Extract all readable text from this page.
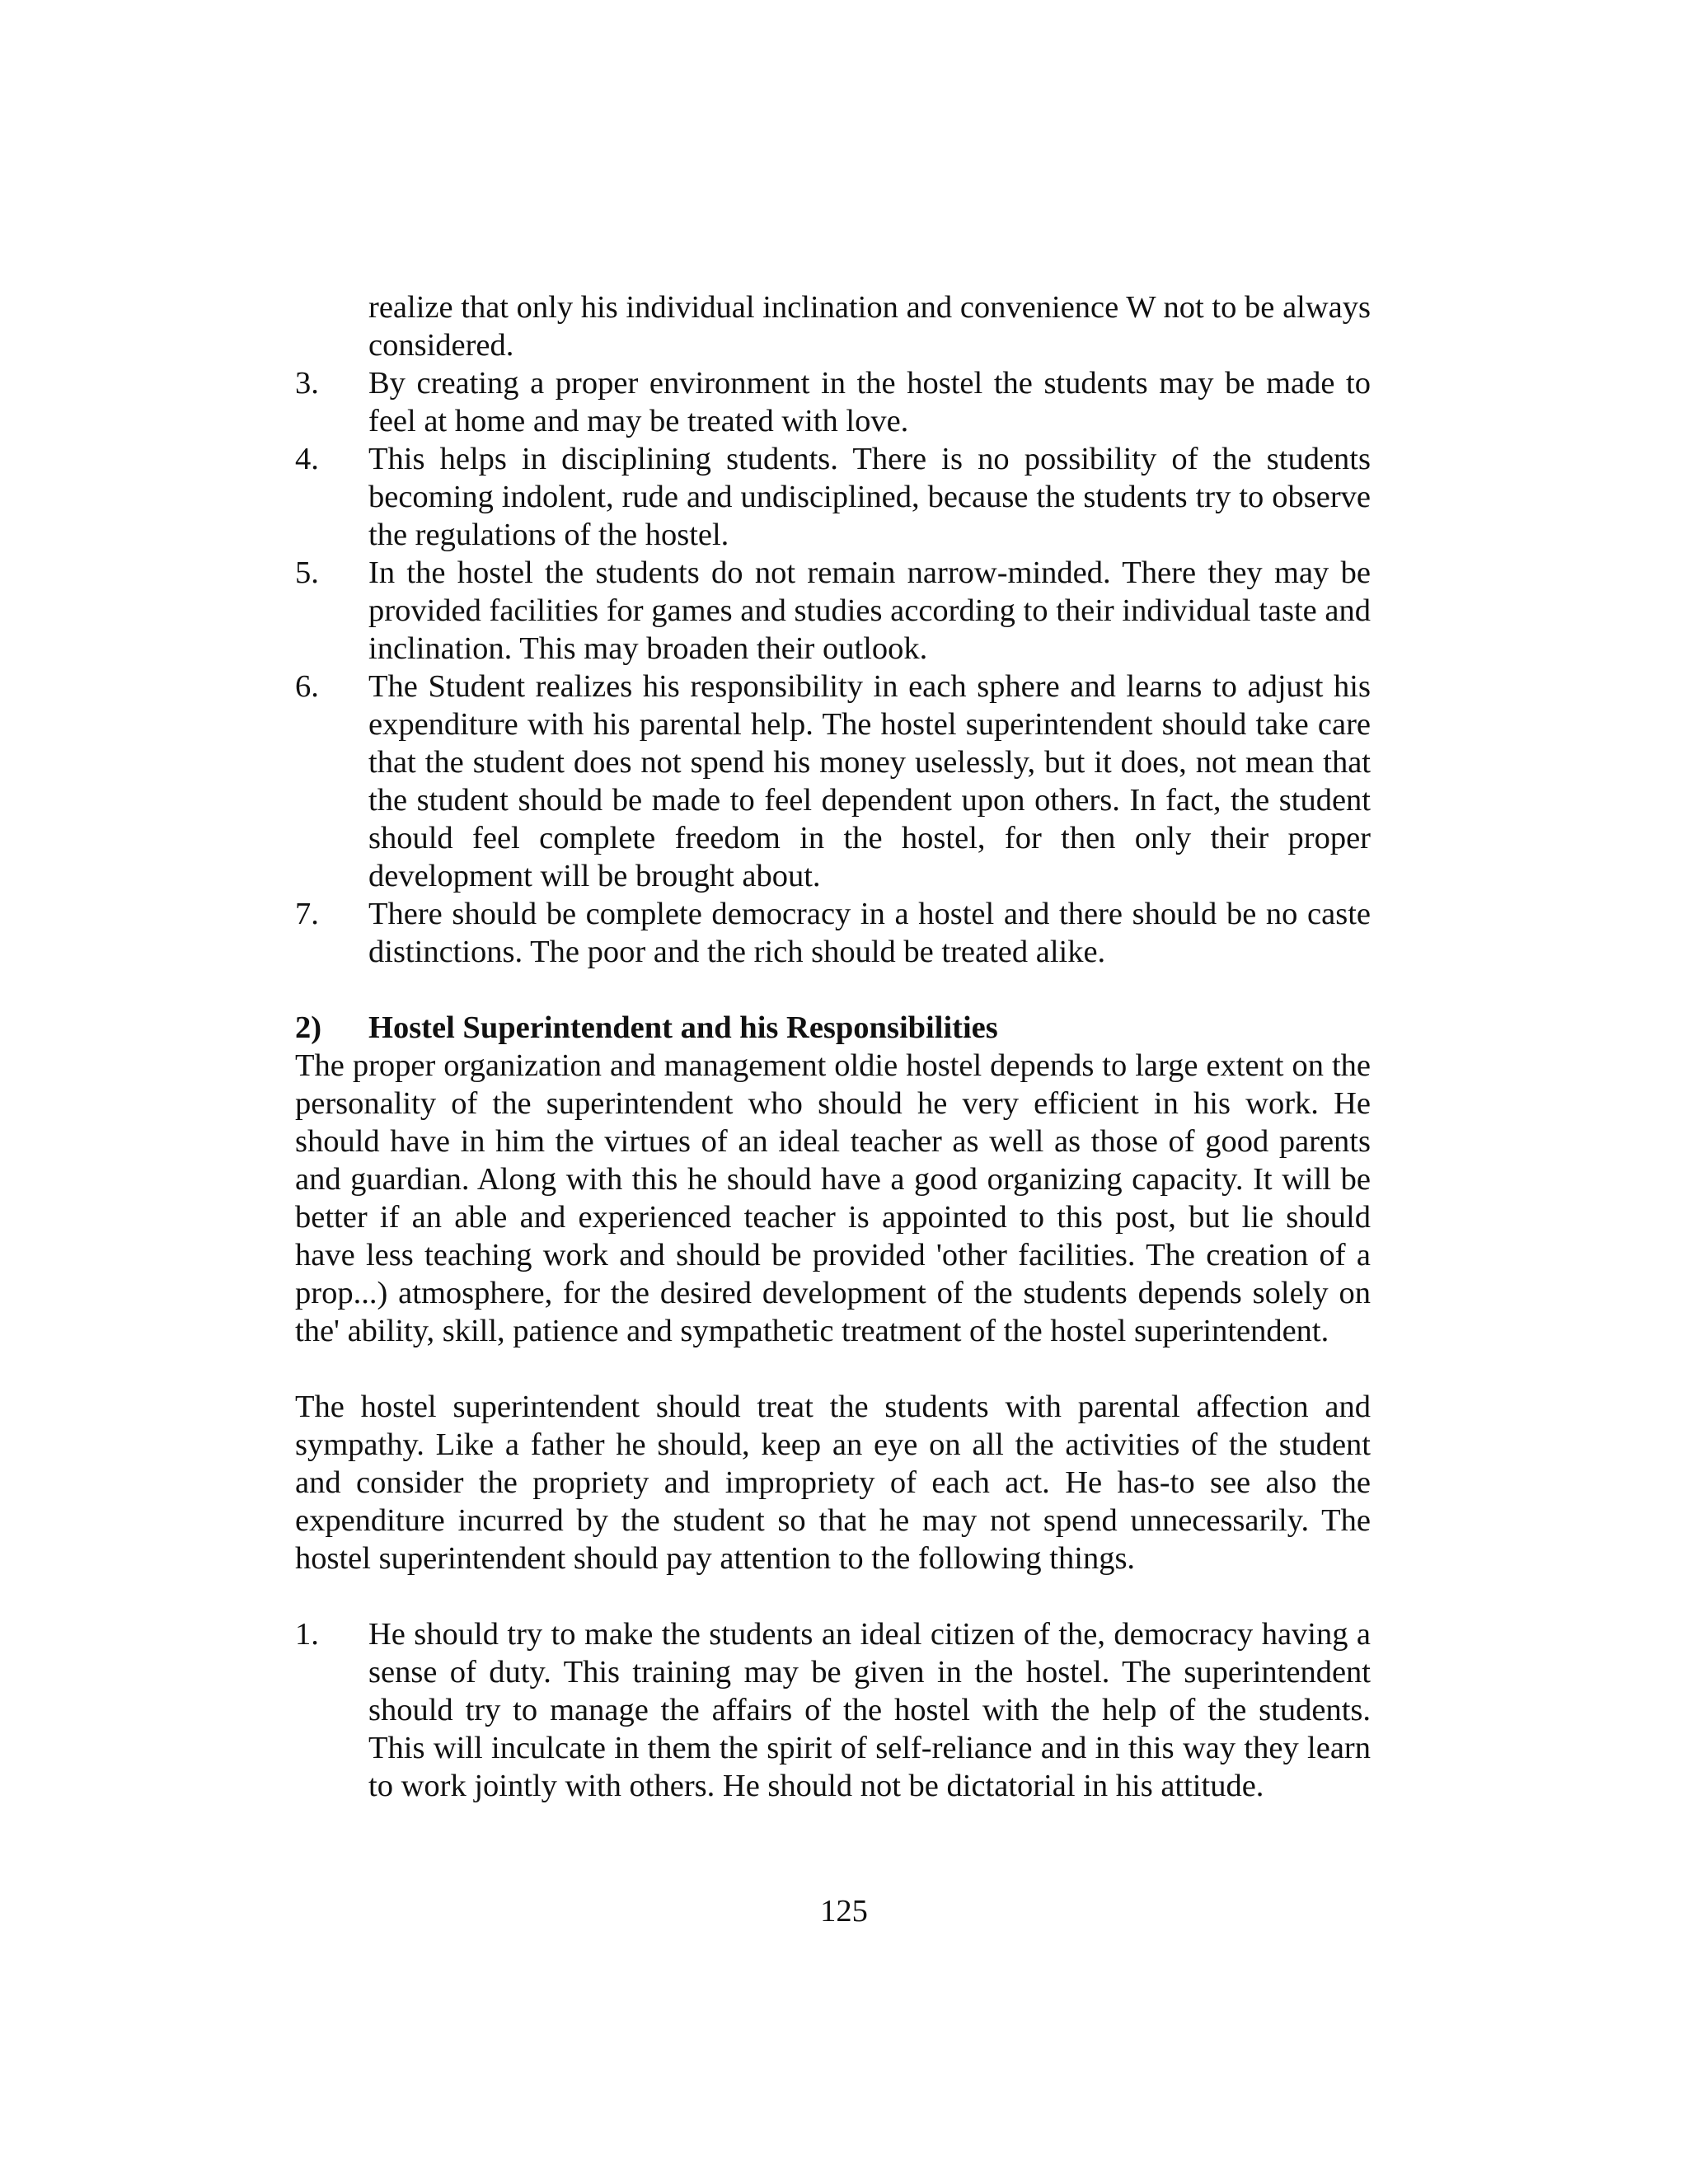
realize that only his individual inclination and convenience W not to be always considered.
3. By creating a proper environment in the hostel the students may be made to feel at home and may be treated with love.
4. This helps in disciplining students. There is no possibility of the students becoming indolent, rude and undisciplined, because the students try to observe the regulations of the hostel.
5. In the hostel the students do not remain narrow-minded. There they may be provided facilities for games and studies according to their individual taste and inclination. This may broaden their outlook.
6. The Student realizes his responsibility in each sphere and learns to adjust his expenditure with his parental help. The hostel superintendent should take care that the student does not spend his money uselessly, but it does, not mean that the student should be made to feel dependent upon others. In fact, the student should feel complete freedom in the hostel, for then only their proper development will be brought about.
7. There should be complete democracy in a hostel and there should be no caste distinctions. The poor and the rich should be treated alike.
2) Hostel Superintendent and his Responsibilities
The proper organization and management oldie hostel depends to large extent on the personality of the superintendent who should he very efficient in his work. He should have in him the virtues of an ideal teacher as well as those of good parents and guardian. Along with this he should have a good organizing capacity. It will be better if an able and experienced teacher is appointed to this post, but lie should have less teaching work and should be provided 'other facilities. The creation of a prop...) atmosphere, for the desired development of the students depends solely on the' ability, skill, patience and sympathetic treatment of the hostel superintendent.
The hostel superintendent should treat the students with parental affection and sympathy. Like a father he should, keep an eye on all the activities of the student and consider the propriety and impropriety of each act. He has-to see also the expenditure incurred by the student so that he may not spend unnecessarily. The hostel superintendent should pay attention to the following things.
1. He should try to make the students an ideal citizen of the, democracy having a sense of duty. This training may be given in the hostel. The superintendent should try to manage the affairs of the hostel with the help of the students. This will inculcate in them the spirit of self-reliance and in this way they learn to work jointly with others. He should not be dictatorial in his attitude.
125
